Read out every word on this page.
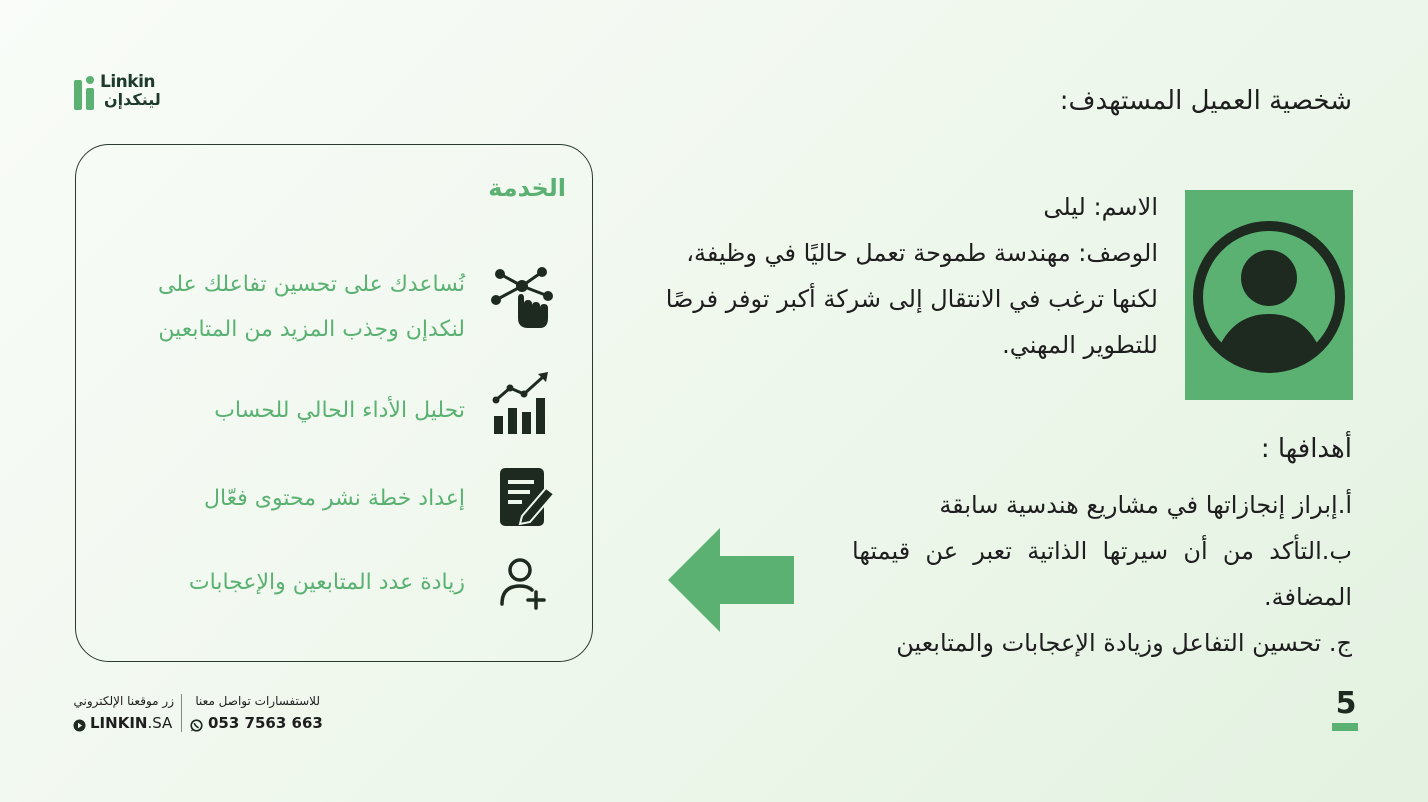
Linkin
لينكدإن	شخصية العميل المستهدف:
الخدمة
نُساعدك على تحسين تفاعلك على لنكدإن وجذب المزيد من المتابعين
تحليل الأداء الحالي للحساب
إعداد خطة نشر محتوى فعّال
زيادة عدد المتابعين والإعجابات
الاسم: ليلى
الوصف: مهندسة طموحة تعمل حاليًا في وظيفة، لكنها ترغب في الانتقال إلى شركة أكبر توفر فرصًا للتطوير المهني.
أهدافها :
أ.إبراز إنجازاتها في مشاريع هندسية سابقة
ب.التأكد من أن سيرتها الذاتية تعبر عن قيمتها المضافة.
ج. تحسين التفاعل وزيادة الإعجابات والمتابعين
للاستفسارات تواصل معنا
053 7563 663
زر موقعنا الإلكتروني
LINKIN.SA
5
